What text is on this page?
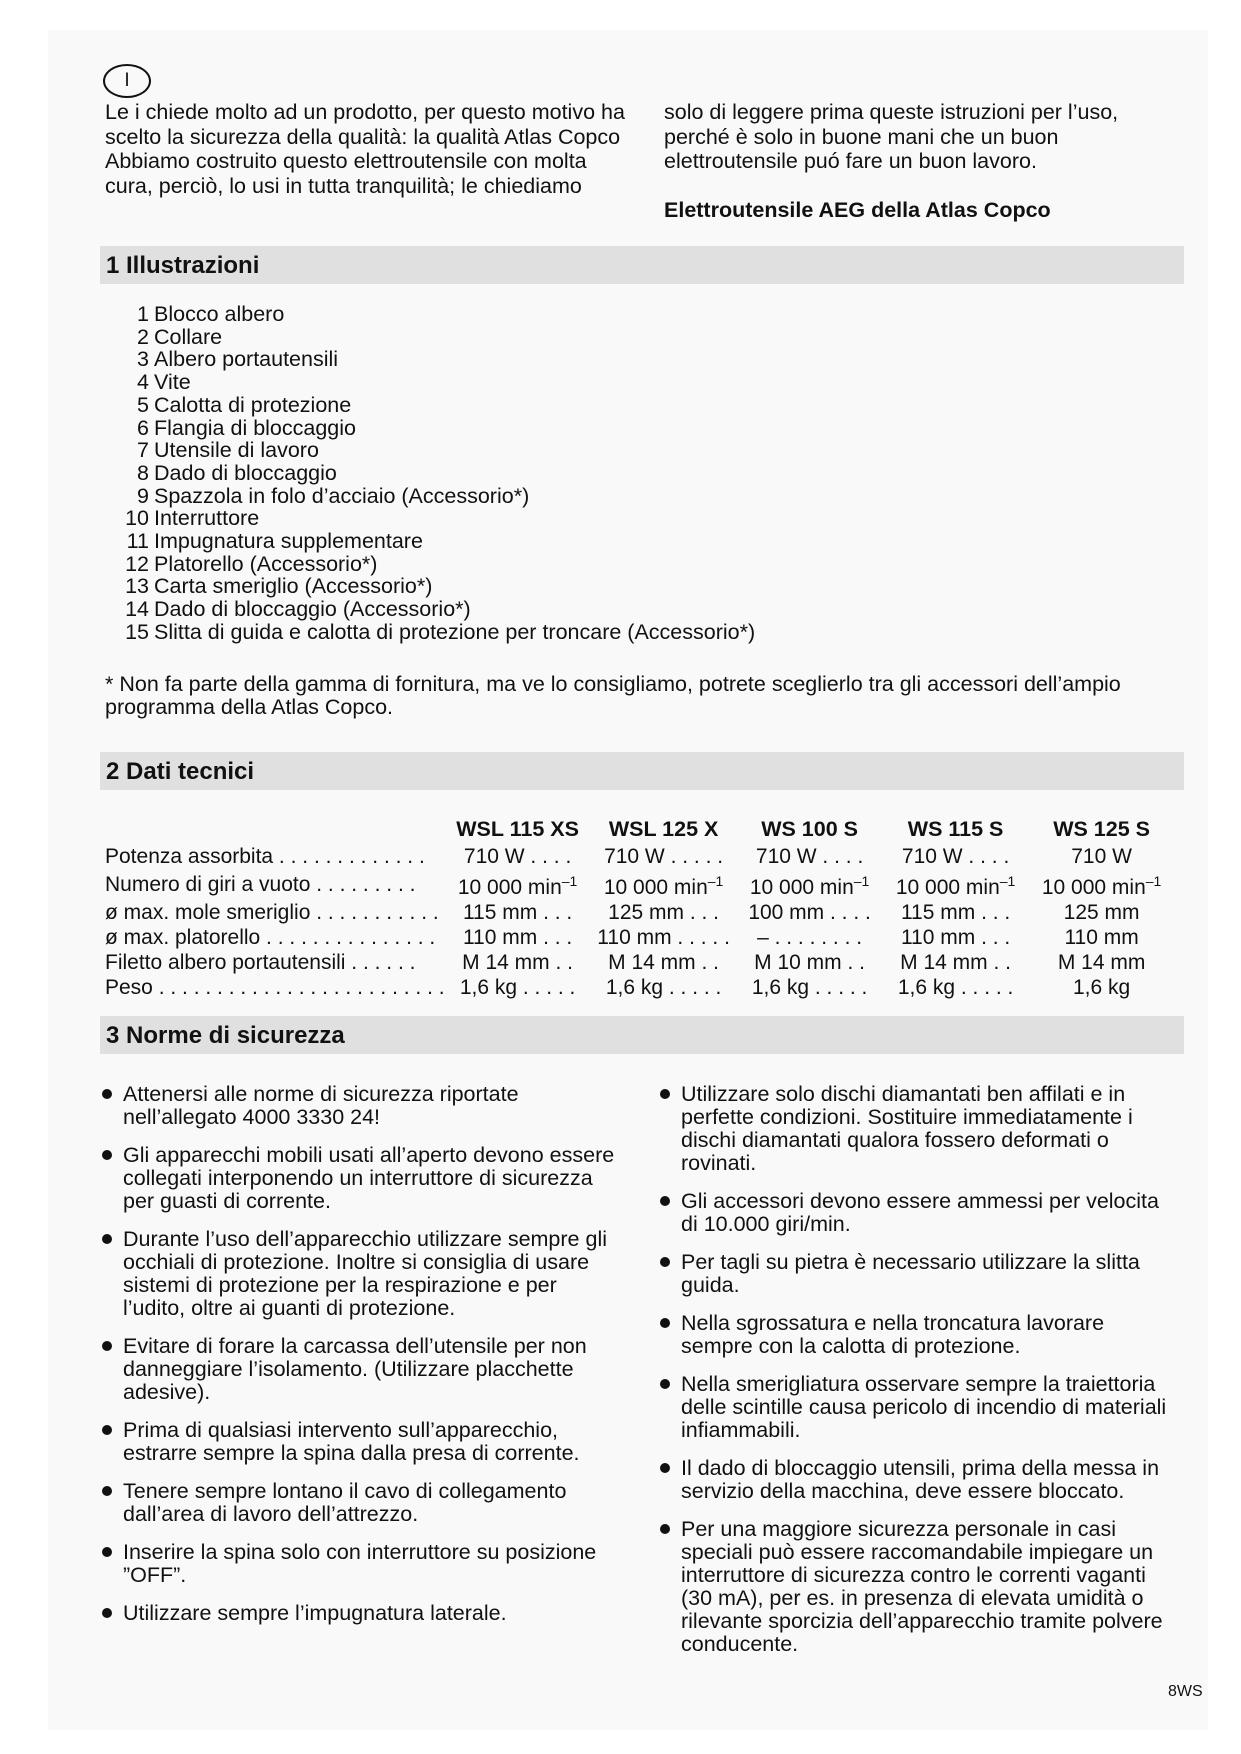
I

Le i chiede molto ad un prodotto, per questo motivo ha scelto la sicurezza della qualità: la qualità Atlas Copco

Abbiamo costruito questo elettroutensile con molta cura, perciò, lo usi in tutta tranquilità; le chiediamo

solo di leggere prima queste istruzioni per l’uso, perché è solo in buone mani che un buon elettroutensile puó fare un buon lavoro.

Elettroutensile AEG della Atlas Copco

1 Illustrazioni
1 Blocco albero
2 Collare
3 Albero portautensili
4 Vite
5 Calotta di protezione
6 Flangia di bloccaggio
7 Utensile di lavoro
8 Dado di bloccaggio
9 Spazzola in folo d’acciaio (Accessorio*)
10 Interruttore
11 Impugnatura supplementare
12 Platorello (Accessorio*)
13 Carta smeriglio (Accessorio*)
14 Dado di bloccaggio (Accessorio*)
15 Slitta di guida e calotta di protezione per troncare (Accessorio*)

* Non fa parte della gamma di fornitura, ma ve lo consigliamo, potrete sceglierlo tra gli accessori dell’ampio programma della Atlas Copco.

2 Dati tecnici
	WSL 115 XS	WSL 125 X	WS 100 S	WS 115 S	WS 125 S
Potenza assorbita . . . . . . . . . . . . .	710 W . . . .	710 W . . . . .	710 W . . . .	710 W . . . .	710 W
Numero di giri a vuoto . . . . . . . . .	10 000 $\min^{-1}$	10 000 $\min^{-1}$	10 000 $\min^{-1}$	10 000 $\min^{-1}$	10 000 $\min^{-1}$
ø max. mole smeriglio . . . . . . . . . . .	115 mm . . .	125 mm . . .	100 mm . . . .	115 mm . . .	125 mm
ø max. platorello . . . . . . . . . . . . . . .	110 mm . . .	110 mm . . . . .	– . . . . . . . .	110 mm . . .	110 mm
Filetto albero portautensili . . . . . .	M 14 mm . .	M 14 mm . .	M 10 mm . .	M 14 mm . .	M 14 mm
Peso . . . . . . . . . . . . . . . . . . . . . . . . .	1,6 kg . . . . .	1,6 kg . . . . .	1,6 kg . . . . .	1,6 kg . . . . .	1,6 kg
3 Norme di sicurezza
Attenersi alle norme di sicurezza riportate nell’allegato 4000 3330 24!
Gli apparecchi mobili usati all’aperto devono essere collegati interponendo un interruttore di sicurezza per guasti di corrente.
Durante l’uso dell’apparecchio utilizzare sempre gli occhiali di protezione. Inoltre si consiglia di usare sistemi di protezione per la respirazione e per l’udito, oltre ai guanti di protezione.
Evitare di forare la carcassa dell’utensile per non danneggiare l’isolamento. (Utilizzare placchette adesive).
Prima di qualsiasi intervento sull’apparecchio, estrarre sempre la spina dalla presa di corrente.
Tenere sempre lontano il cavo di collegamento dall’area di lavoro dell’attrezzo.
Inserire la spina solo con interruttore su posizione ”OFF”.
Utilizzare sempre l’impugnatura laterale.
Utilizzare solo dischi diamantati ben affilati e in perfette condizioni. Sostituire immediatamente i dischi diamantati qualora fossero deformati o rovinati.
Gli accessori devono essere ammessi per velocita di 10.000 giri/min.
Per tagli su pietra è necessario utilizzare la slitta guida.
Nella sgrossatura e nella troncatura lavorare sempre con la calotta di protezione.
Nella smerigliatura osservare sempre la traiettoria delle scintille causa pericolo di incendio di materiali infiammabili.
Il dado di bloccaggio utensili, prima della messa in servizio della macchina, deve essere bloccato.
Per una maggiore sicurezza personale in casi speciali può essere raccomandabile impiegare un interruttore di sicurezza contro le correnti vaganti (30 mA), per es. in presenza di elevata umidità o rilevante sporcizia dell’apparecchio tramite polvere conducente.
8WS
